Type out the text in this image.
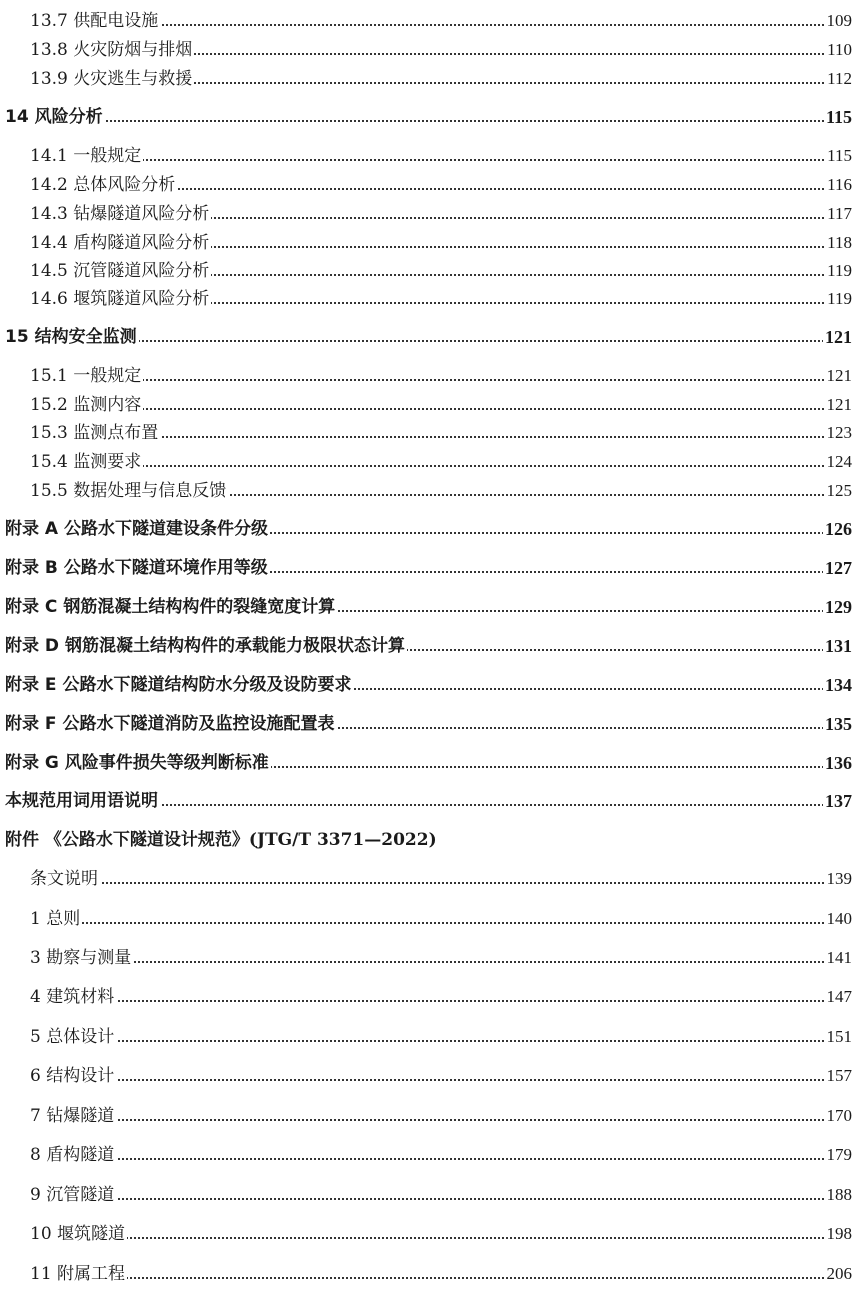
13.7 供配电设施	109
13.8 火灾防烟与排烟	110
13.9 火灾逃生与救援	112
14 风险分析	115
14.1 一般规定	115
14.2 总体风险分析	116
14.3 钻爆隧道风险分析	117
14.4 盾构隧道风险分析	118
14.5 沉管隧道风险分析	119
14.6 堰筑隧道风险分析	119
15 结构安全监测	121
15.1 一般规定	121
15.2 监测内容	121
15.3 监测点布置	123
15.4 监测要求	124
15.5 数据处理与信息反馈	125
附录 A 公路水下隧道建设条件分级	126
附录 B 公路水下隧道环境作用等级	127
附录 C 钢筋混凝土结构构件的裂缝宽度计算	129
附录 D 钢筋混凝土结构构件的承载能力极限状态计算	131
附录 E 公路水下隧道结构防水分级及设防要求	134
附录 F 公路水下隧道消防及监控设施配置表	135
附录 G 风险事件损失等级判断标准	136
本规范用词用语说明	137
附件 《公路水下隧道设计规范》(JTG/T 3371—2022)
条文说明	139
1 总则	140
3 勘察与测量	141
4 建筑材料	147
5 总体设计	151
6 结构设计	157
7 钻爆隧道	170
8 盾构隧道	179
9 沉管隧道	188
10 堰筑隧道	198
11 附属工程	206
